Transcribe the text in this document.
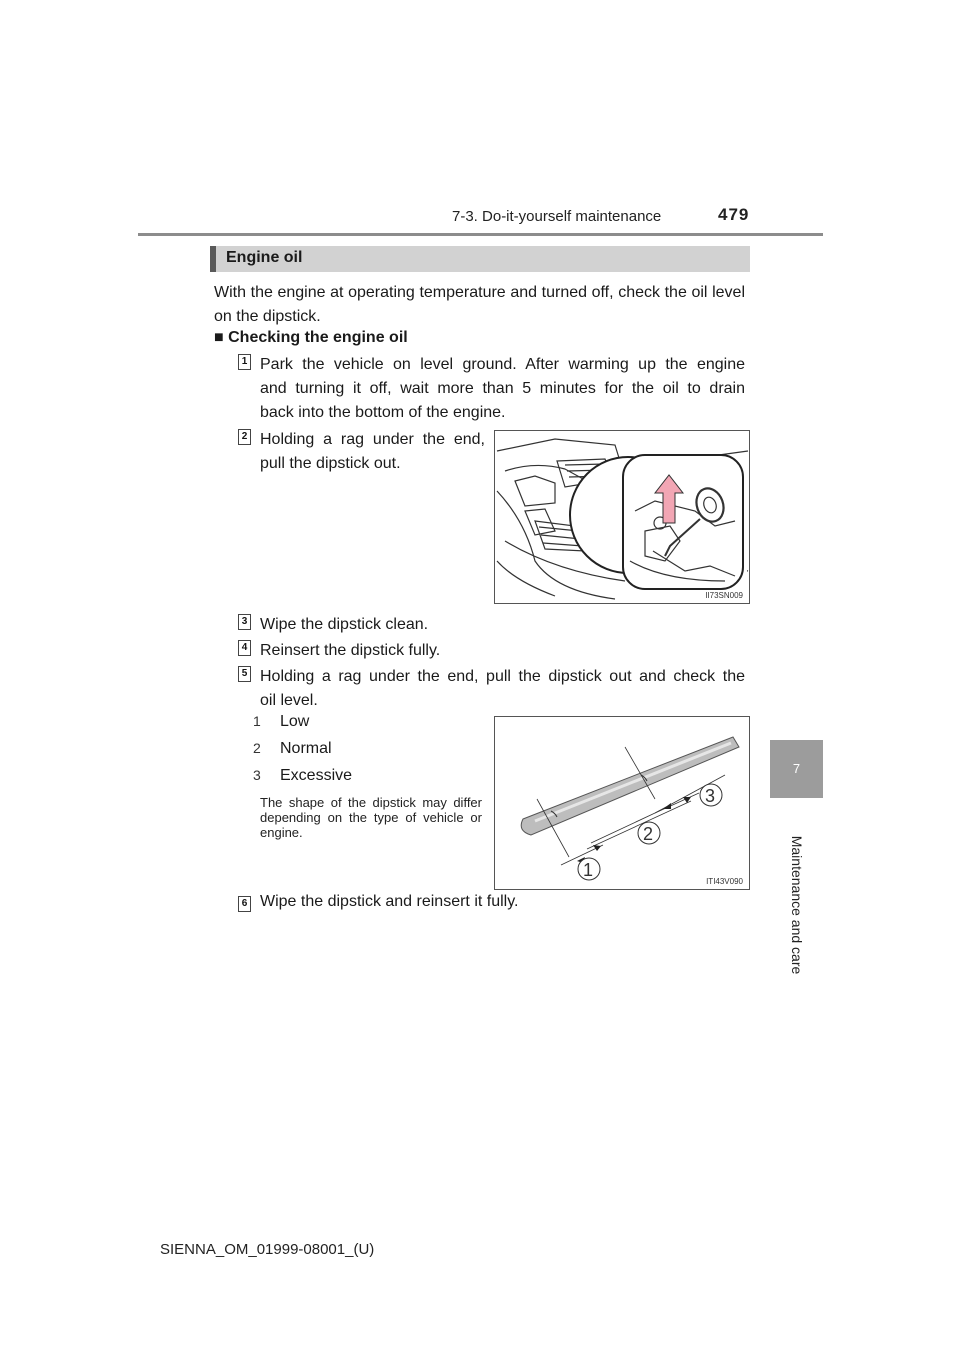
7-3. Do-it-yourself maintenance	479
7
Maintenance and care
Engine oil
With the engine at operating temperature and turned off, check the oil level on the dipstick.
■ Checking the engine oil
1 Park the vehicle on level ground. After warming up the engine
and turning it off, wait more than 5 minutes for the oil to drain
back into the bottom of the engine.
2 Holding a rag under the end,
pull the dipstick out.
II73SN009
3 Wipe the dipstick clean.
4 Reinsert the dipstick fully.
5 Holding a rag under the end, pull the dipstick out and check the
oil level.
1 Low
2 Normal
3 Excessive
The shape of the dipstick may differ depending on the type of vehicle or engine.
1
2
3
ITI43V090
6 Wipe the dipstick and reinsert it fully.
SIENNA_OM_01999-08001_(U)
